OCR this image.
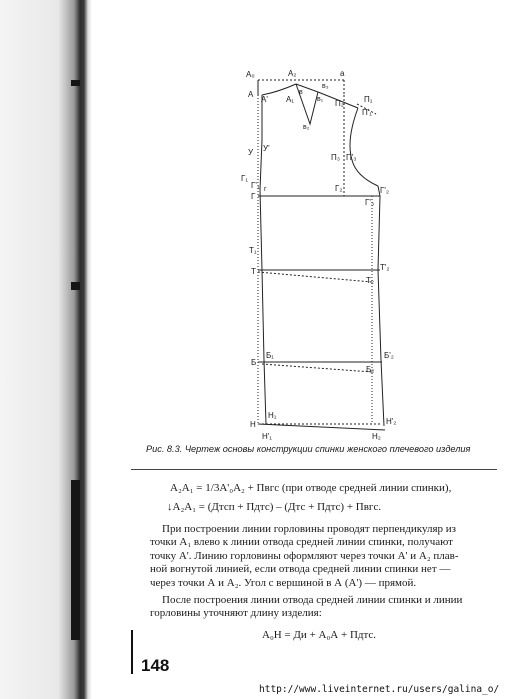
А₀	А₂	а
А
А' А₁
в
в₃
в₁
в₂
П₂	П₁
П'₁
У У'
П₃ П'₃
Г₁
Г'₁
Г
г	Г₂	Г'₂
Г'₃
Т₁
Т	Т'₂
Т₂
Б₁
Б
Б'₂
Б₂
Н
Н₁
Н'₁
Н'₂
Н₂
Рис. 8.3. Чертеж основы конструкции спинки женского плечевого изделия
А₂А₁ = 1/3А'₀А₂ + Пвгс (при отводе средней линии спинки),
↓А₂А₁ = (Дтсп + Пдтс) – (Дтс + Пдтс) + Пвгс.
При построении линии горловины проводят перпендикуляр из
точки А₁ влево к линии отвода средней линии спинки, получают
точку А'. Линию горловины оформляют через точки А' и А₂ плав-
ной вогнутой линией, если отвода средней линии спинки нет —
через точки А и А₂. Угол с вершиной в А (А') — прямой.
После построения линии отвода средней линии спинки и линии
горловины уточняют длину изделия:
А₀Н = Ди + А₀А + Пдтс.
148
http://www.liveinternet.ru/users/galina_o/
